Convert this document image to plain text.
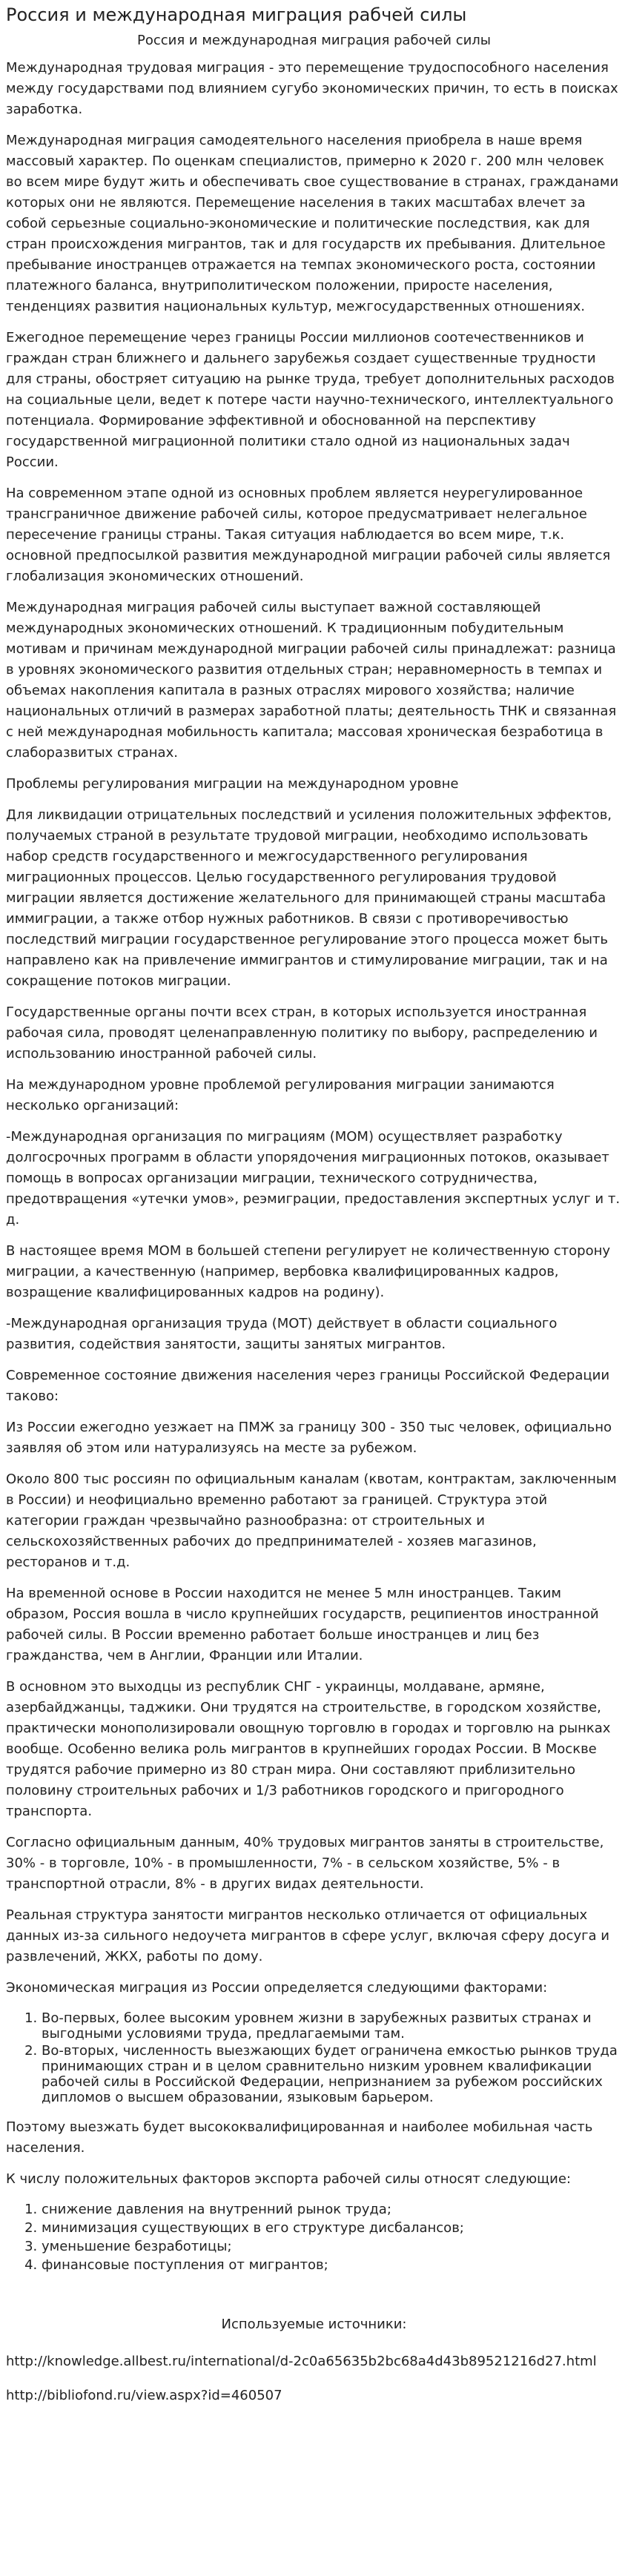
Россия и международная миграция рабчей силы
Россия и международная миграция рабочей силы

Международная трудовая миграция - это перемещение трудоспособного населения между государствами под влиянием сугубо экономических причин, то есть в поисках заработка.

Международная миграция самодеятельного населения приобрела в наше время массовый характер. По оценкам специалистов, примерно к 2020 г. 200 млн человек во всем мире будут жить и обеспечивать свое существование в странах, гражданами которых они не являются. Перемещение населения в таких масштабах влечет за собой серьезные социально-экономические и политические последствия, как для стран происхождения мигрантов, так и для государств их пребывания. Длительное пребывание иностранцев отражается на темпах экономического роста, состоянии платежного баланса, внутриполитическом положении, приросте населения, тенденциях развития национальных культур, межгосударственных отношениях.

Ежегодное перемещение через границы России миллионов соотечественников и граждан стран ближнего и дальнего зарубежья создает существенные трудности для страны, обостряет ситуацию на рынке труда, требует дополнительных расходов на социальные цели, ведет к потере части научно-технического, интеллектуального потенциала. Формирование эффективной и обоснованной на перспективу государственной миграционной политики стало одной из национальных задач России.

На современном этапе одной из основных проблем является неурегулированное трансграничное движение рабочей силы, которое предусматривает нелегальное пересечение границы страны. Такая ситуация наблюдается во всем мире, т.к. основной предпосылкой развития международной миграции рабочей силы является глобализация экономических отношений.

Международная миграция рабочей силы выступает важной составляющей международных экономических отношений. К традиционным побудительным мотивам и причинам международной миграции рабочей силы принадлежат: разница в уровнях экономического развития отдельных стран; неравномерность в темпах и объемах накопления капитала в разных отраслях мирового хозяйства; наличие национальных отличий в размерах заработной платы; деятельность ТНК и связанная с ней международная мобильность капитала; массовая хроническая безработица в слаборазвитых странах.

Проблемы регулирования миграции на международном уровне

Для ликвидации отрицательных последствий и усиления положительных эффектов, получаемых страной в результате трудовой миграции, необходимо использовать набор средств государственного и межгосударственного регулирования миграционных процессов. Целью государственного регулирования трудовой миграции является достижение желательного для принимающей страны масштаба иммиграции, а также отбор нужных работников. В связи с противоречивостью последствий миграции государственное регулирование этого процесса может быть направлено как на привлечение иммигрантов и стимулирование миграции, так и на сокращение потоков миграции.

Государственные органы почти всех стран, в которых используется иностранная рабочая сила, проводят целенаправленную политику по выбору, распределению и использованию иностранной рабочей силы.

На международном уровне проблемой регулирования миграции занимаются несколько организаций:

-Международная организация по миграциям (МОМ) осуществляет разработку долгосрочных программ в области упорядочения миграционных потоков, оказывает помощь в вопросах организации миграции, технического сотрудничества, предотвращения «утечки умов», реэмиграции, предоставления экспертных услуг и т. д.

В настоящее время МОМ в большей степени регулирует не количественную сторону миграции, а качественную (например, вербовка квалифицированных кадров, возращение квалифицированных кадров на родину).

-Международная организация труда (МОТ) действует в области социального развития, содействия занятости, защиты занятых мигрантов.

Современное состояние движения населения через границы Российской Федерации таково:

Из России ежегодно уезжает на ПМЖ за границу 300 - 350 тыс человек, официально заявляя об этом или натурализуясь на месте за рубежом.

Около 800 тыс россиян по официальным каналам (квотам, контрактам, заключенным в России) и неофициально временно работают за границей. Структура этой категории граждан чрезвычайно разнообразна: от строительных и сельскохозяйственных рабочих до предпринимателей - хозяев магазинов, ресторанов и т.д.

На временной основе в России находится не менее 5 млн иностранцев. Таким образом, Россия вошла в число крупнейших государств, реципиентов иностранной рабочей силы. В России временно работает больше иностранцев и лиц без гражданства, чем в Англии, Франции или Италии.

В основном это выходцы из республик СНГ - украинцы, молдаване, армяне, азербайджанцы, таджики. Они трудятся на строительстве, в городском хозяйстве, практически монополизировали овощную торговлю в городах и торговлю на рынках вообще. Особенно велика роль мигрантов в крупнейших городах России. В Москве трудятся рабочие примерно из 80 стран мира. Они составляют приблизительно половину строительных рабочих и 1/3 работников городского и пригородного транспорта.

Согласно официальным данным, 40% трудовых мигрантов заняты в строительстве, 30% - в торговле, 10% - в промышленности, 7% - в сельском хозяйстве, 5% - в транспортной отрасли, 8% - в других видах деятельности.

Реальная структура занятости мигрантов несколько отличается от официальных данных из-за сильного недоучета мигрантов в сфере услуг, включая сферу досуга и развлечений, ЖКХ, работы по дому.

Экономическая миграция из России определяется следующими факторами:

1. Во-первых, более высоким уровнем жизни в зарубежных развитых странах и выгодными условиями труда, предлагаемыми там.
2. Во-вторых, численность выезжающих будет ограничена емкостью рынков труда принимающих стран и в целом сравнительно низким уровнем квалификации рабочей силы в Российской Федерации, непризнанием за рубежом российских дипломов о высшем образовании, языковым барьером.

Поэтому выезжать будет высококвалифицированная и наиболее мобильная часть населения.

К числу положительных факторов экспорта рабочей силы относят следующие:

1. снижение давления на внутренний рынок труда;
2. минимизация существующих в его структуре дисбалансов;
3. уменьшение безработицы;
4. финансовые поступления от мигрантов;
Используемые источники:
http://knowledge.allbest.ru/international/d-2c0a65635b2bc68a4d43b89521216d27.html
http://bibliofond.ru/view.aspx?id=460507
